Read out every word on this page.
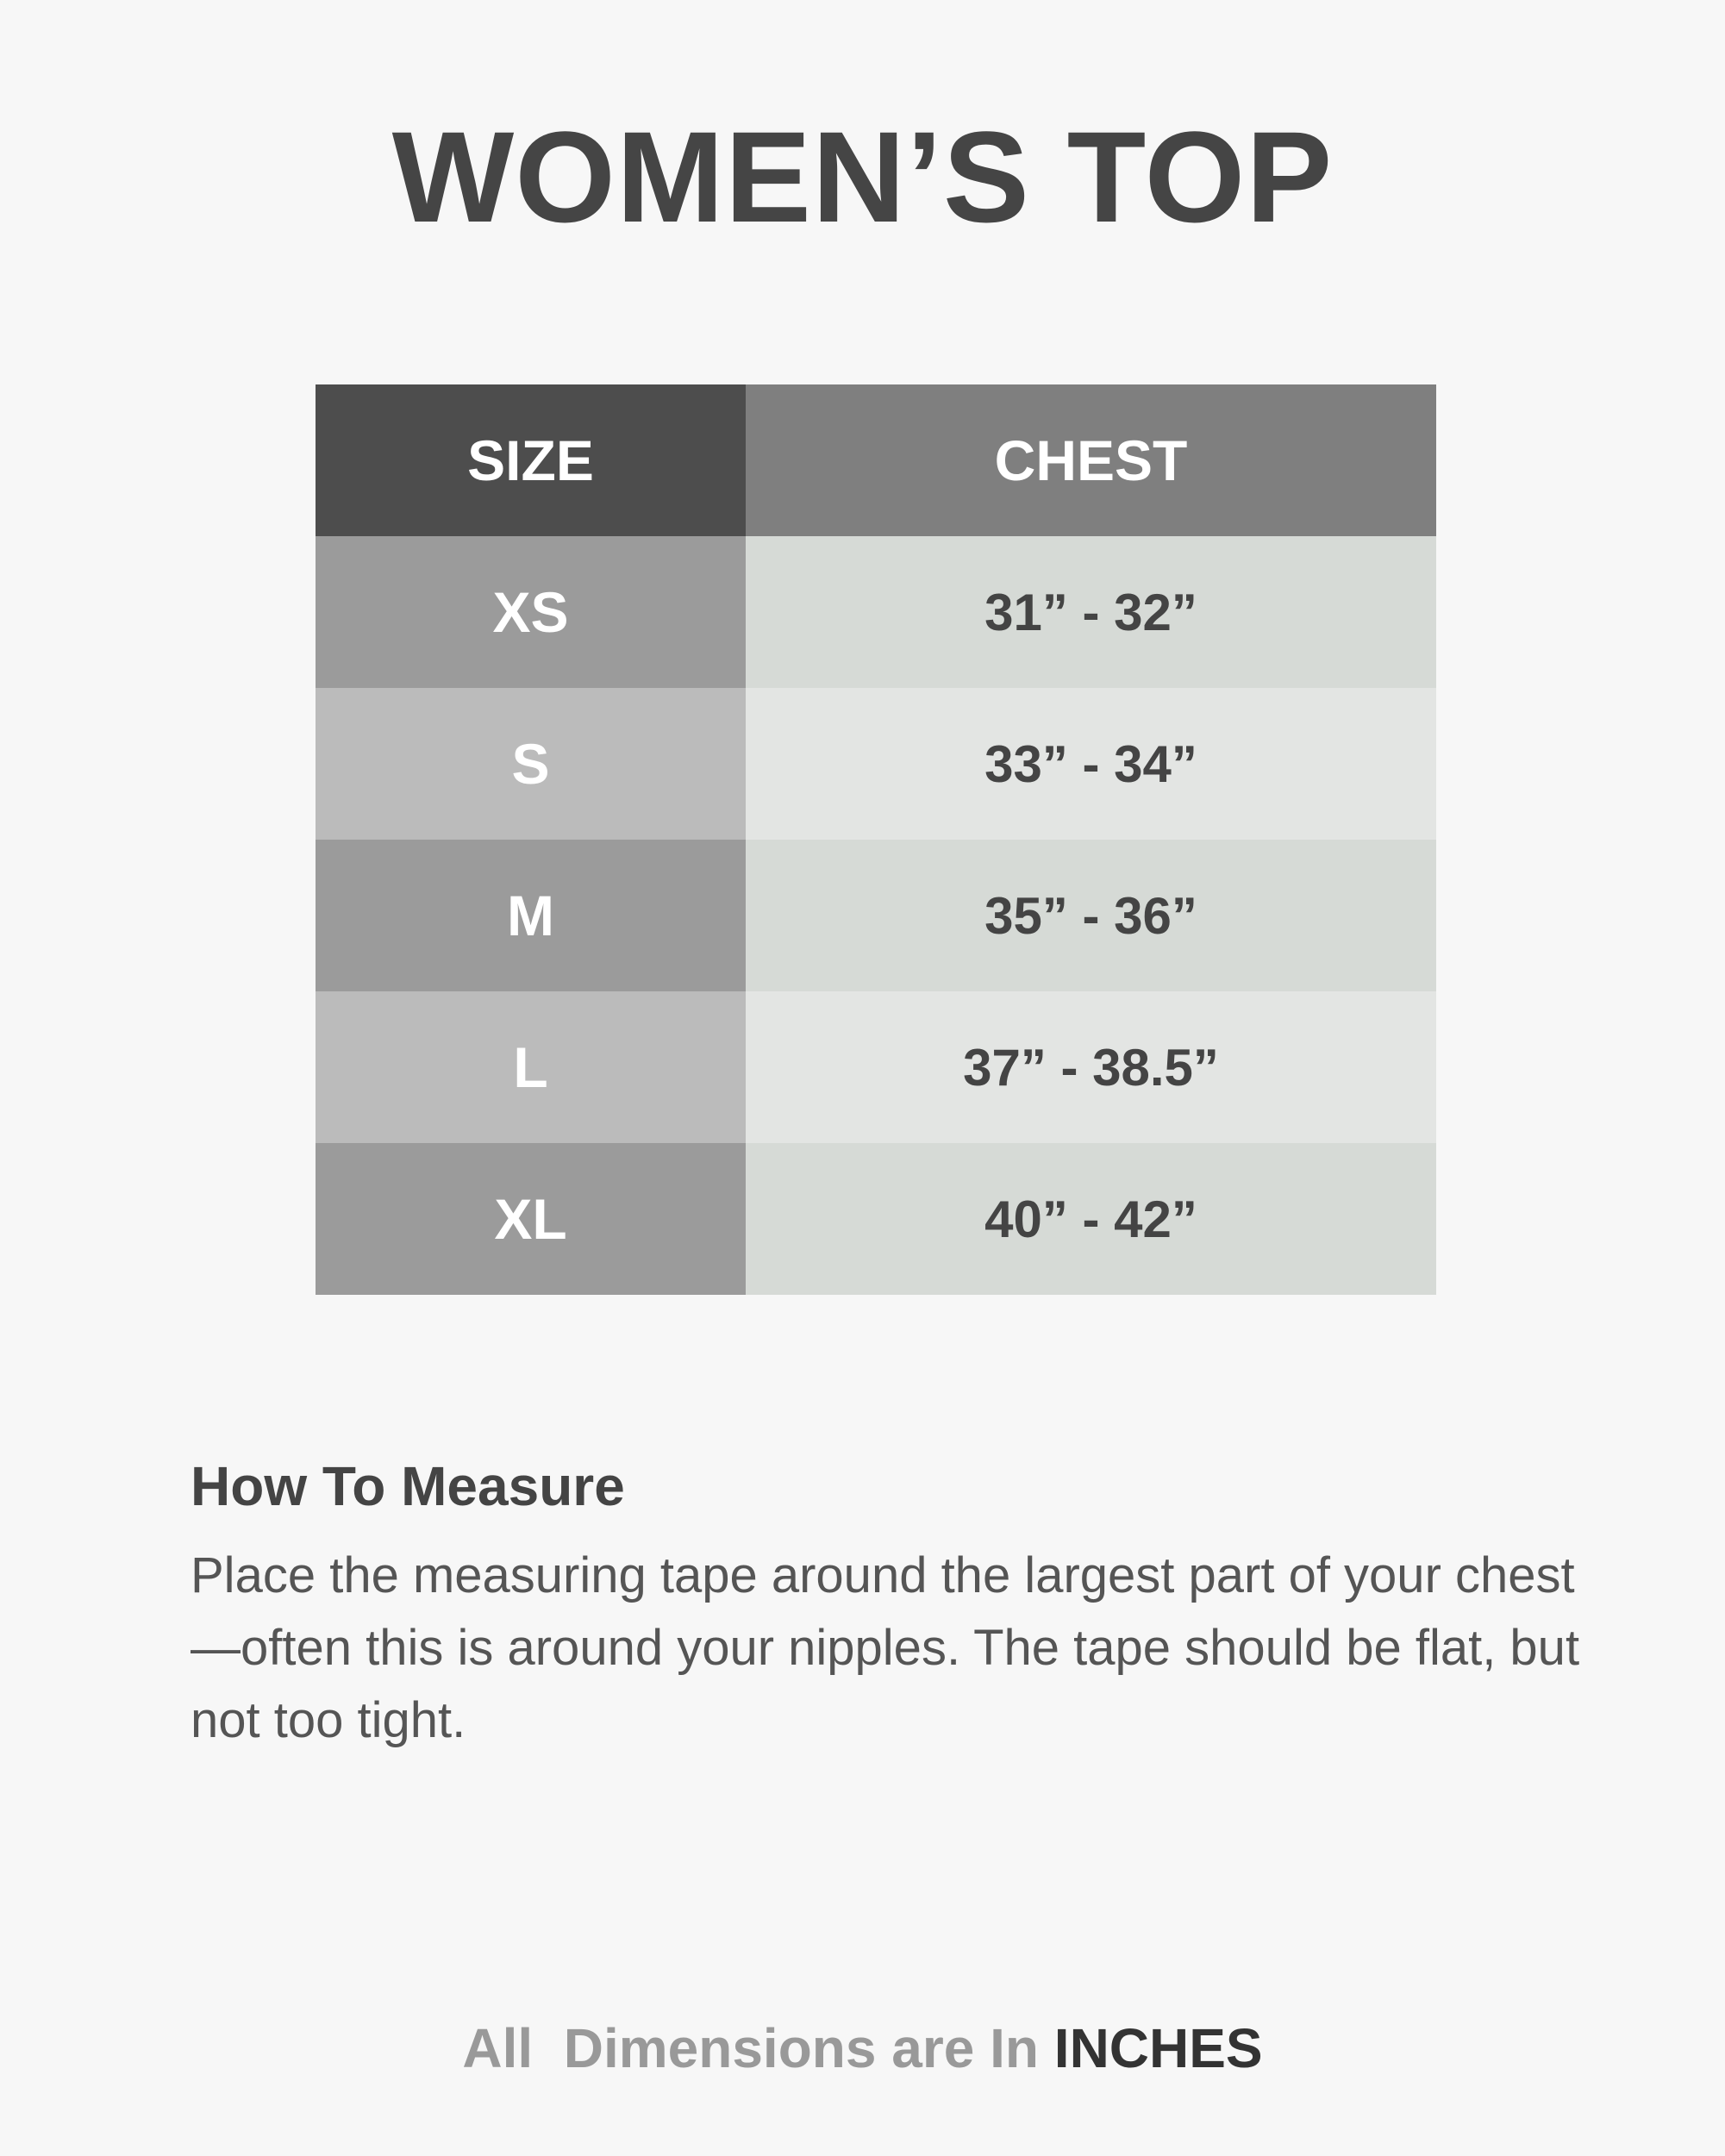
WOMEN’S TOP
SIZE	CHEST
XS	31” - 32”
S	33” - 34”
M	35” - 36”
L	37” - 38.5”
XL	40” - 42”
How To Measure
Place the measuring tape around the largest part of your chest—often this is around your nipples. The tape should be flat, but not too tight.
All  Dimensions are In INCHES
